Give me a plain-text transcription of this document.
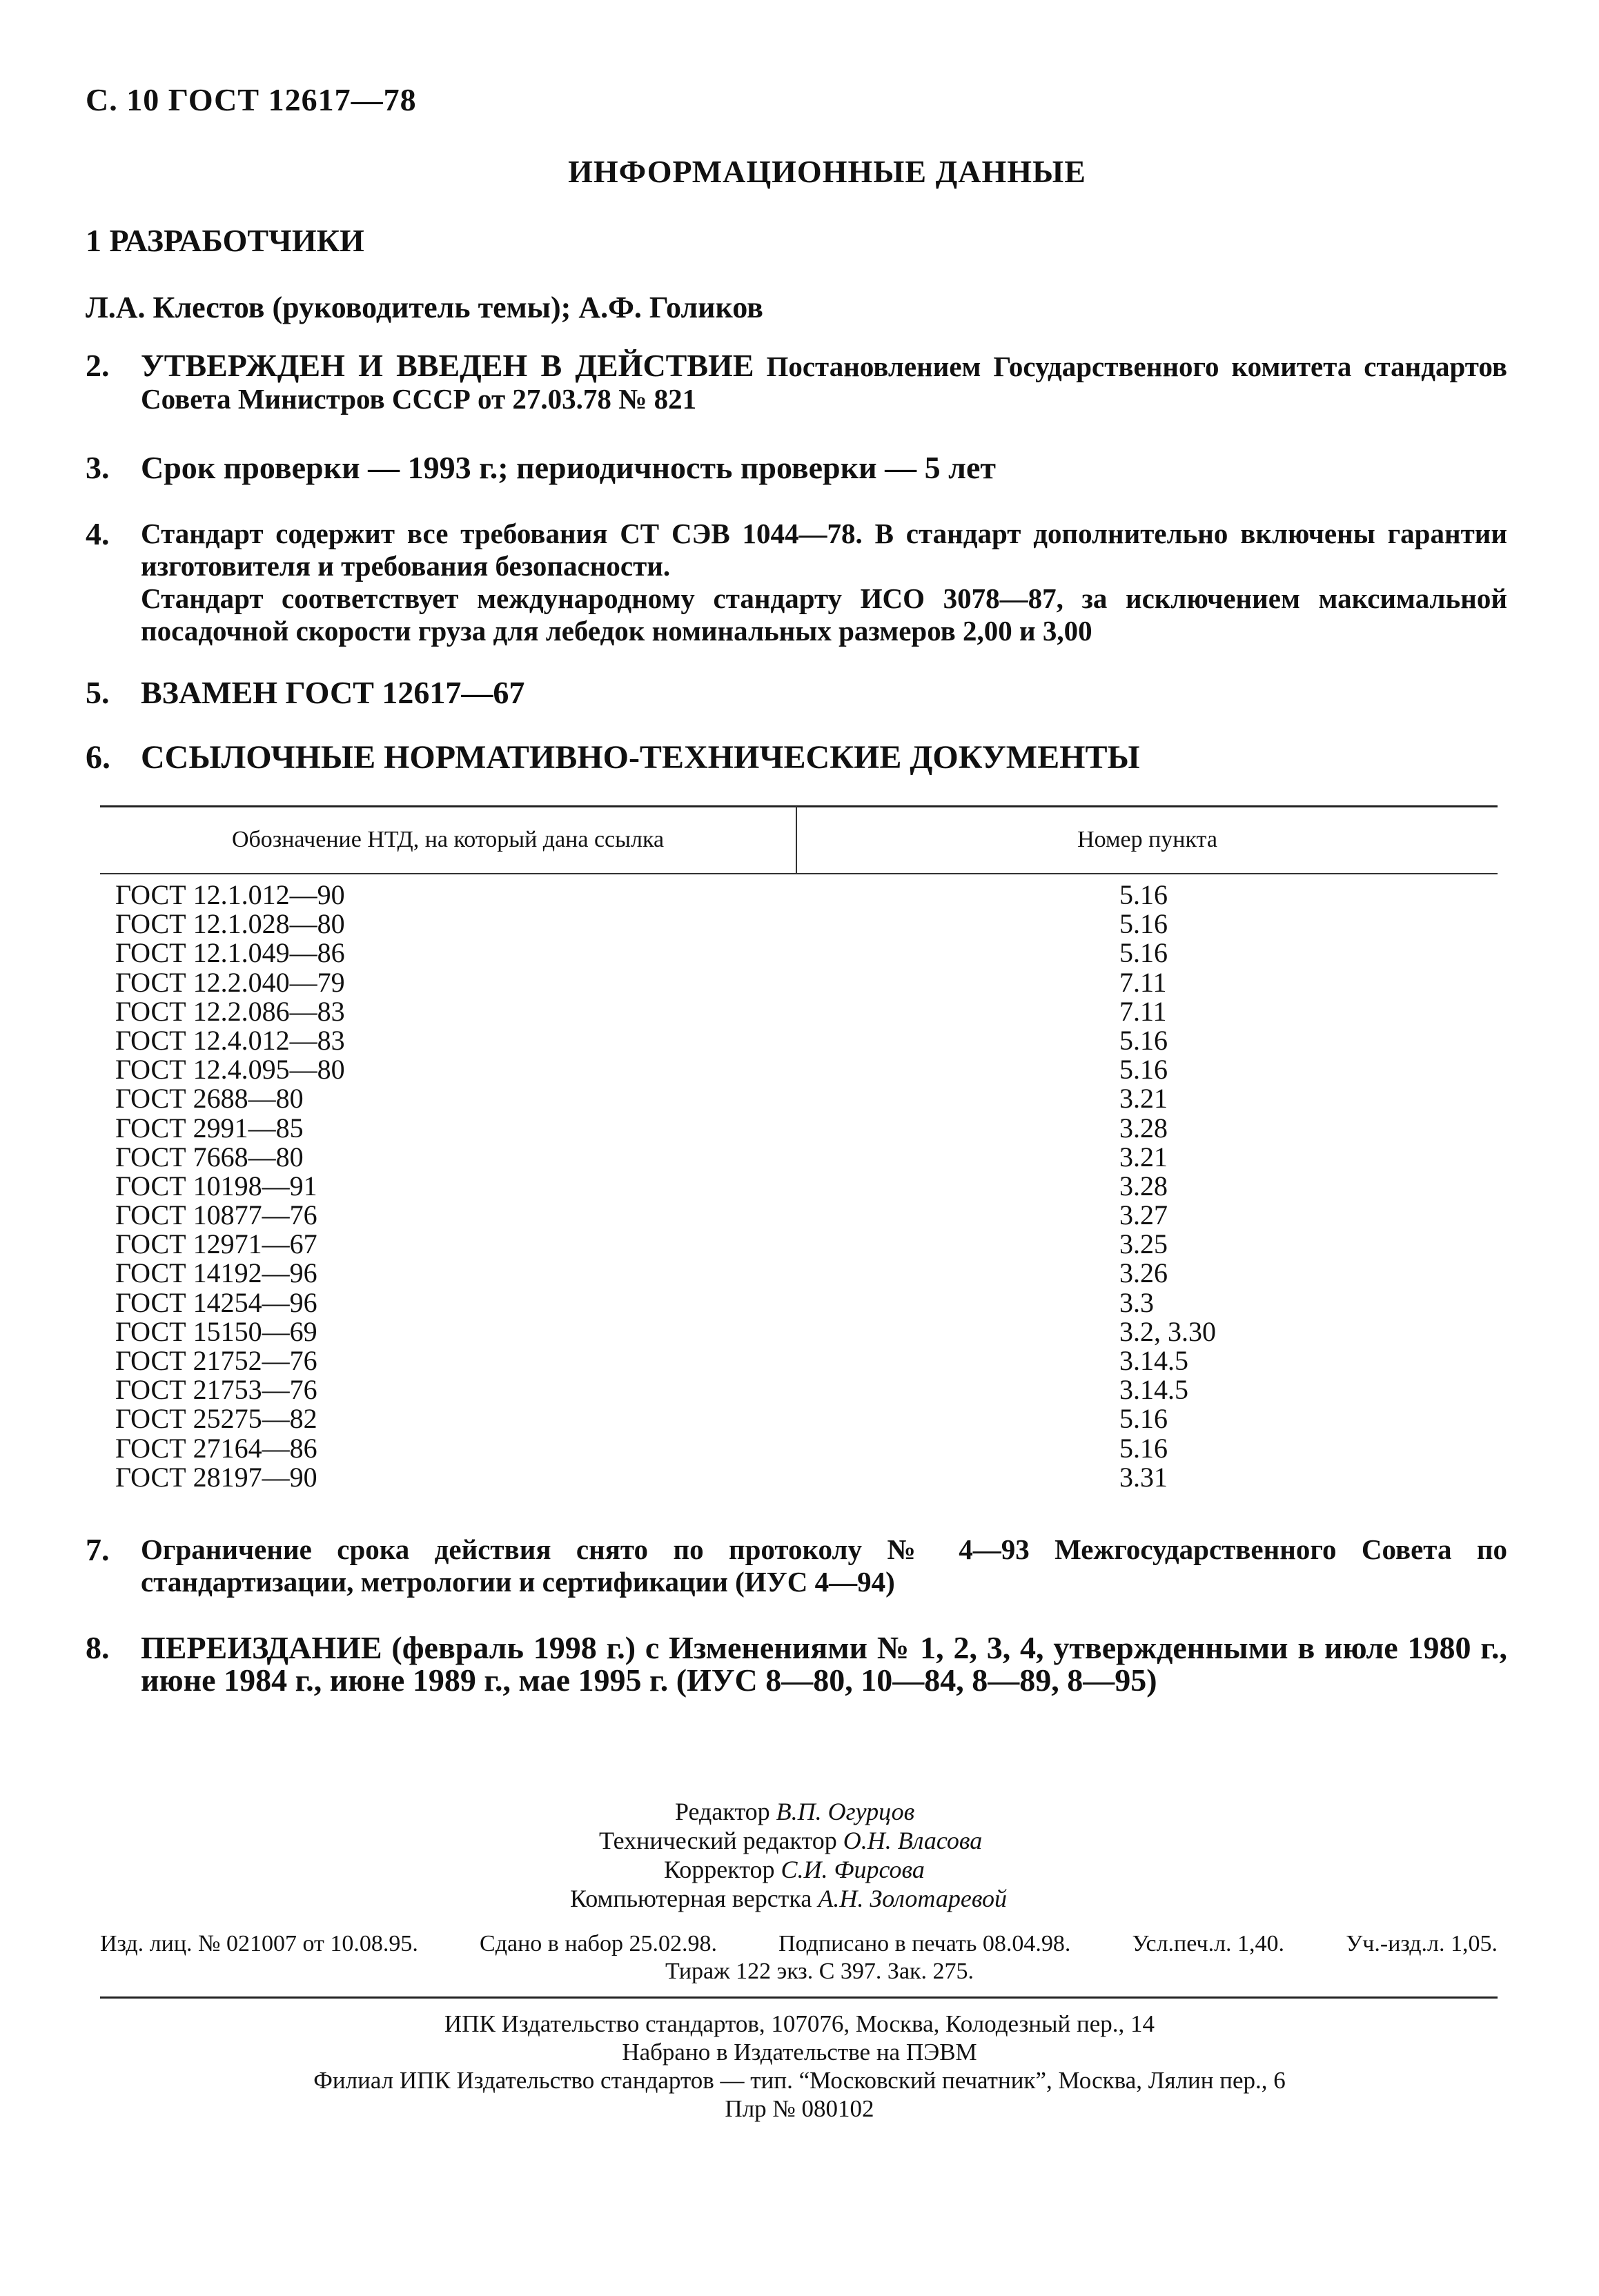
С. 10 ГОСТ 12617—78
ИНФОРМАЦИОННЫЕ ДАННЫЕ
1 РАЗРАБОТЧИКИ
Л.А. Клестов (руководитель темы); А.Ф. Голиков
2. УТВЕРЖДЕН И ВВЕДЕН В ДЕЙСТВИЕ Постановлением Государственного комитета стандартов Совета Министров СССР от 27.03.78 № 821
3. Срок проверки — 1993 г.; периодичность проверки — 5 лет
4.	Стандарт содержит все требования СТ СЭВ 1044—78. В стандарт дополнительно включены гарантии изготовителя и требования безопасности.

Стандарт соответствует международному стандарту ИСО 3078—87, за исключением максимальной посадочной скорости груза для лебедок номинальных размеров 2,00 и 3,00

5. ВЗАМЕН ГОСТ 12617—67
6. ССЫЛОЧНЫЕ НОРМАТИВНО-ТЕХНИЧЕСКИЕ ДОКУМЕНТЫ
Обозначение НТД, на который дана ссылка	Номер пункта
ГОСТ 12.1.012—90	5.16
ГОСТ 12.1.028—80	5.16
ГОСТ 12.1.049—86	5.16
ГОСТ 12.2.040—79	7.11
ГОСТ 12.2.086—83	7.11
ГОСТ 12.4.012—83	5.16
ГОСТ 12.4.095—80	5.16
ГОСТ 2688—80	3.21
ГОСТ 2991—85	3.28
ГОСТ 7668—80	3.21
ГОСТ 10198—91	3.28
ГОСТ 10877—76	3.27
ГОСТ 12971—67	3.25
ГОСТ 14192—96	3.26
ГОСТ 14254—96	3.3
ГОСТ 15150—69	3.2, 3.30
ГОСТ 21752—76	3.14.5
ГОСТ 21753—76	3.14.5
ГОСТ 25275—82	5.16
ГОСТ 27164—86	5.16
ГОСТ 28197—90	3.31
7.	Ограничение срока действия снято по протоколу № 4—93 Межгосударственного Совета по стандартизации, метрологии и сертификации (ИУС 4—94)
8. ПЕРЕИЗДАНИЕ (февраль 1998 г.) с Изменениями № 1, 2, 3, 4, утвержденными в июле 1980 г., июне 1984 г., июне 1989 г., мае 1995 г. (ИУС 8—80, 10—84, 8—89, 8—95)
Редактор В.П. Огурцов
Технический редактор О.Н. Власова
Корректор С.И. Фирсова
Компьютерная верстка А.Н. Золотаревой
Изд. лиц. № 021007 от 10.08.95.	Сдано в набор 25.02.98.	Подписано в печать 08.04.98.	Усл.печ.л. 1,40.	Уч.-изд.л. 1,05.
Тираж 122 экз. С 397. Зак. 275.
ИПК Издательство стандартов, 107076, Москва, Колодезный пер., 14
Набрано в Издательстве на ПЭВМ
Филиал ИПК Издательство стандартов — тип. “Московский печатник”, Москва, Лялин пер., 6
Плр № 080102
